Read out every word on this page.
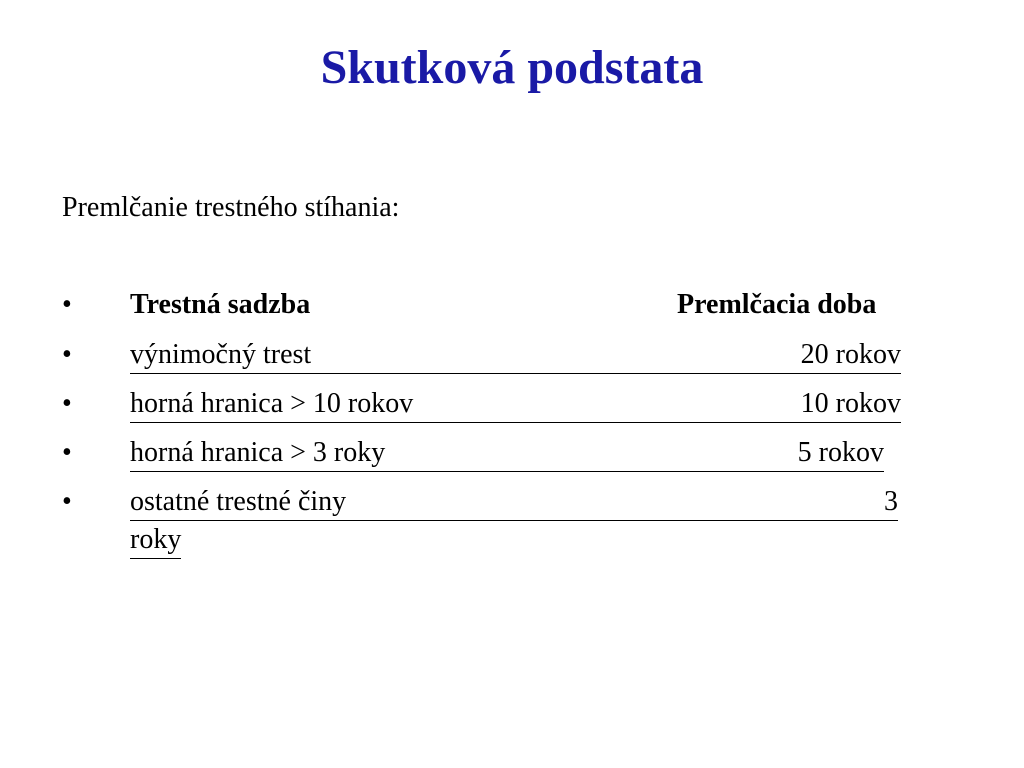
Skutková podstata
Premlčanie trestného stíhania:
•	Trestná sadzba	Premlčacia doba
•	výnimočný trest	20 rokov
•	horná hranica > 10 rokov	10 rokov
•	horná hranica > 3 roky	5 rokov
•	ostatné trestné činy	3
roky
